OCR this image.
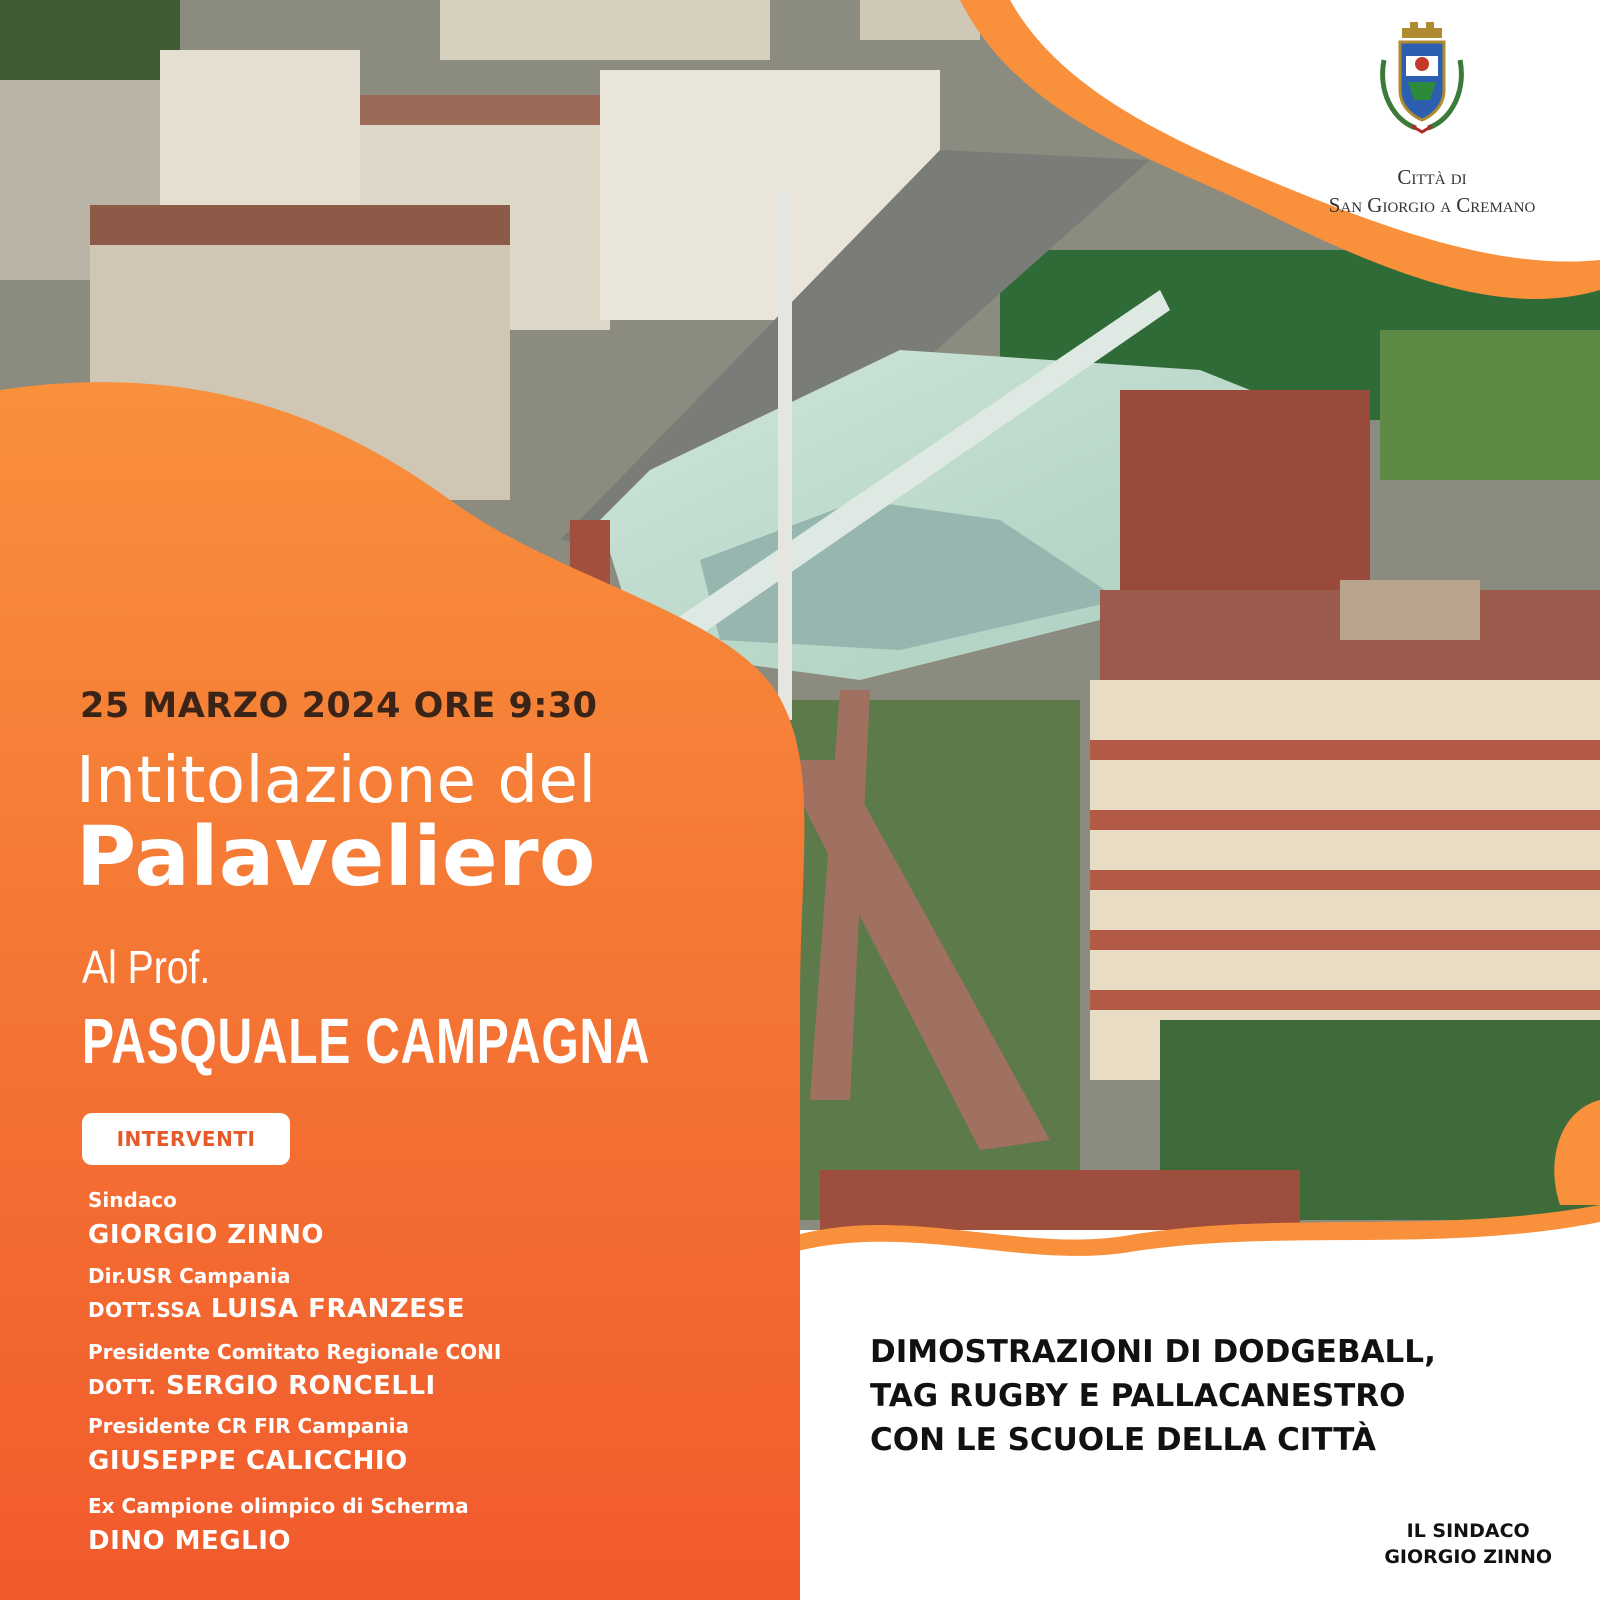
Città di
San Giorgio a Cremano
25 MARZO 2024 ORE 9:30
Intitolazione del
Palaveliero
Al Prof.
PASQUALE CAMPAGNA
INTERVENTI
Sindaco
GIORGIO ZINNO
Dir.USR Campania
DOTT.SSA LUISA FRANZESE
Presidente Comitato Regionale CONI
DOTT. SERGIO RONCELLI
Presidente CR FIR Campania
GIUSEPPE CALICCHIO
Ex Campione olimpico di Scherma
DINO MEGLIO
DIMOSTRAZIONI DI DODGEBALL,
TAG RUGBY E PALLACANESTRO
CON LE SCUOLE DELLA CITTÀ
IL SINDACO
GIORGIO ZINNO
